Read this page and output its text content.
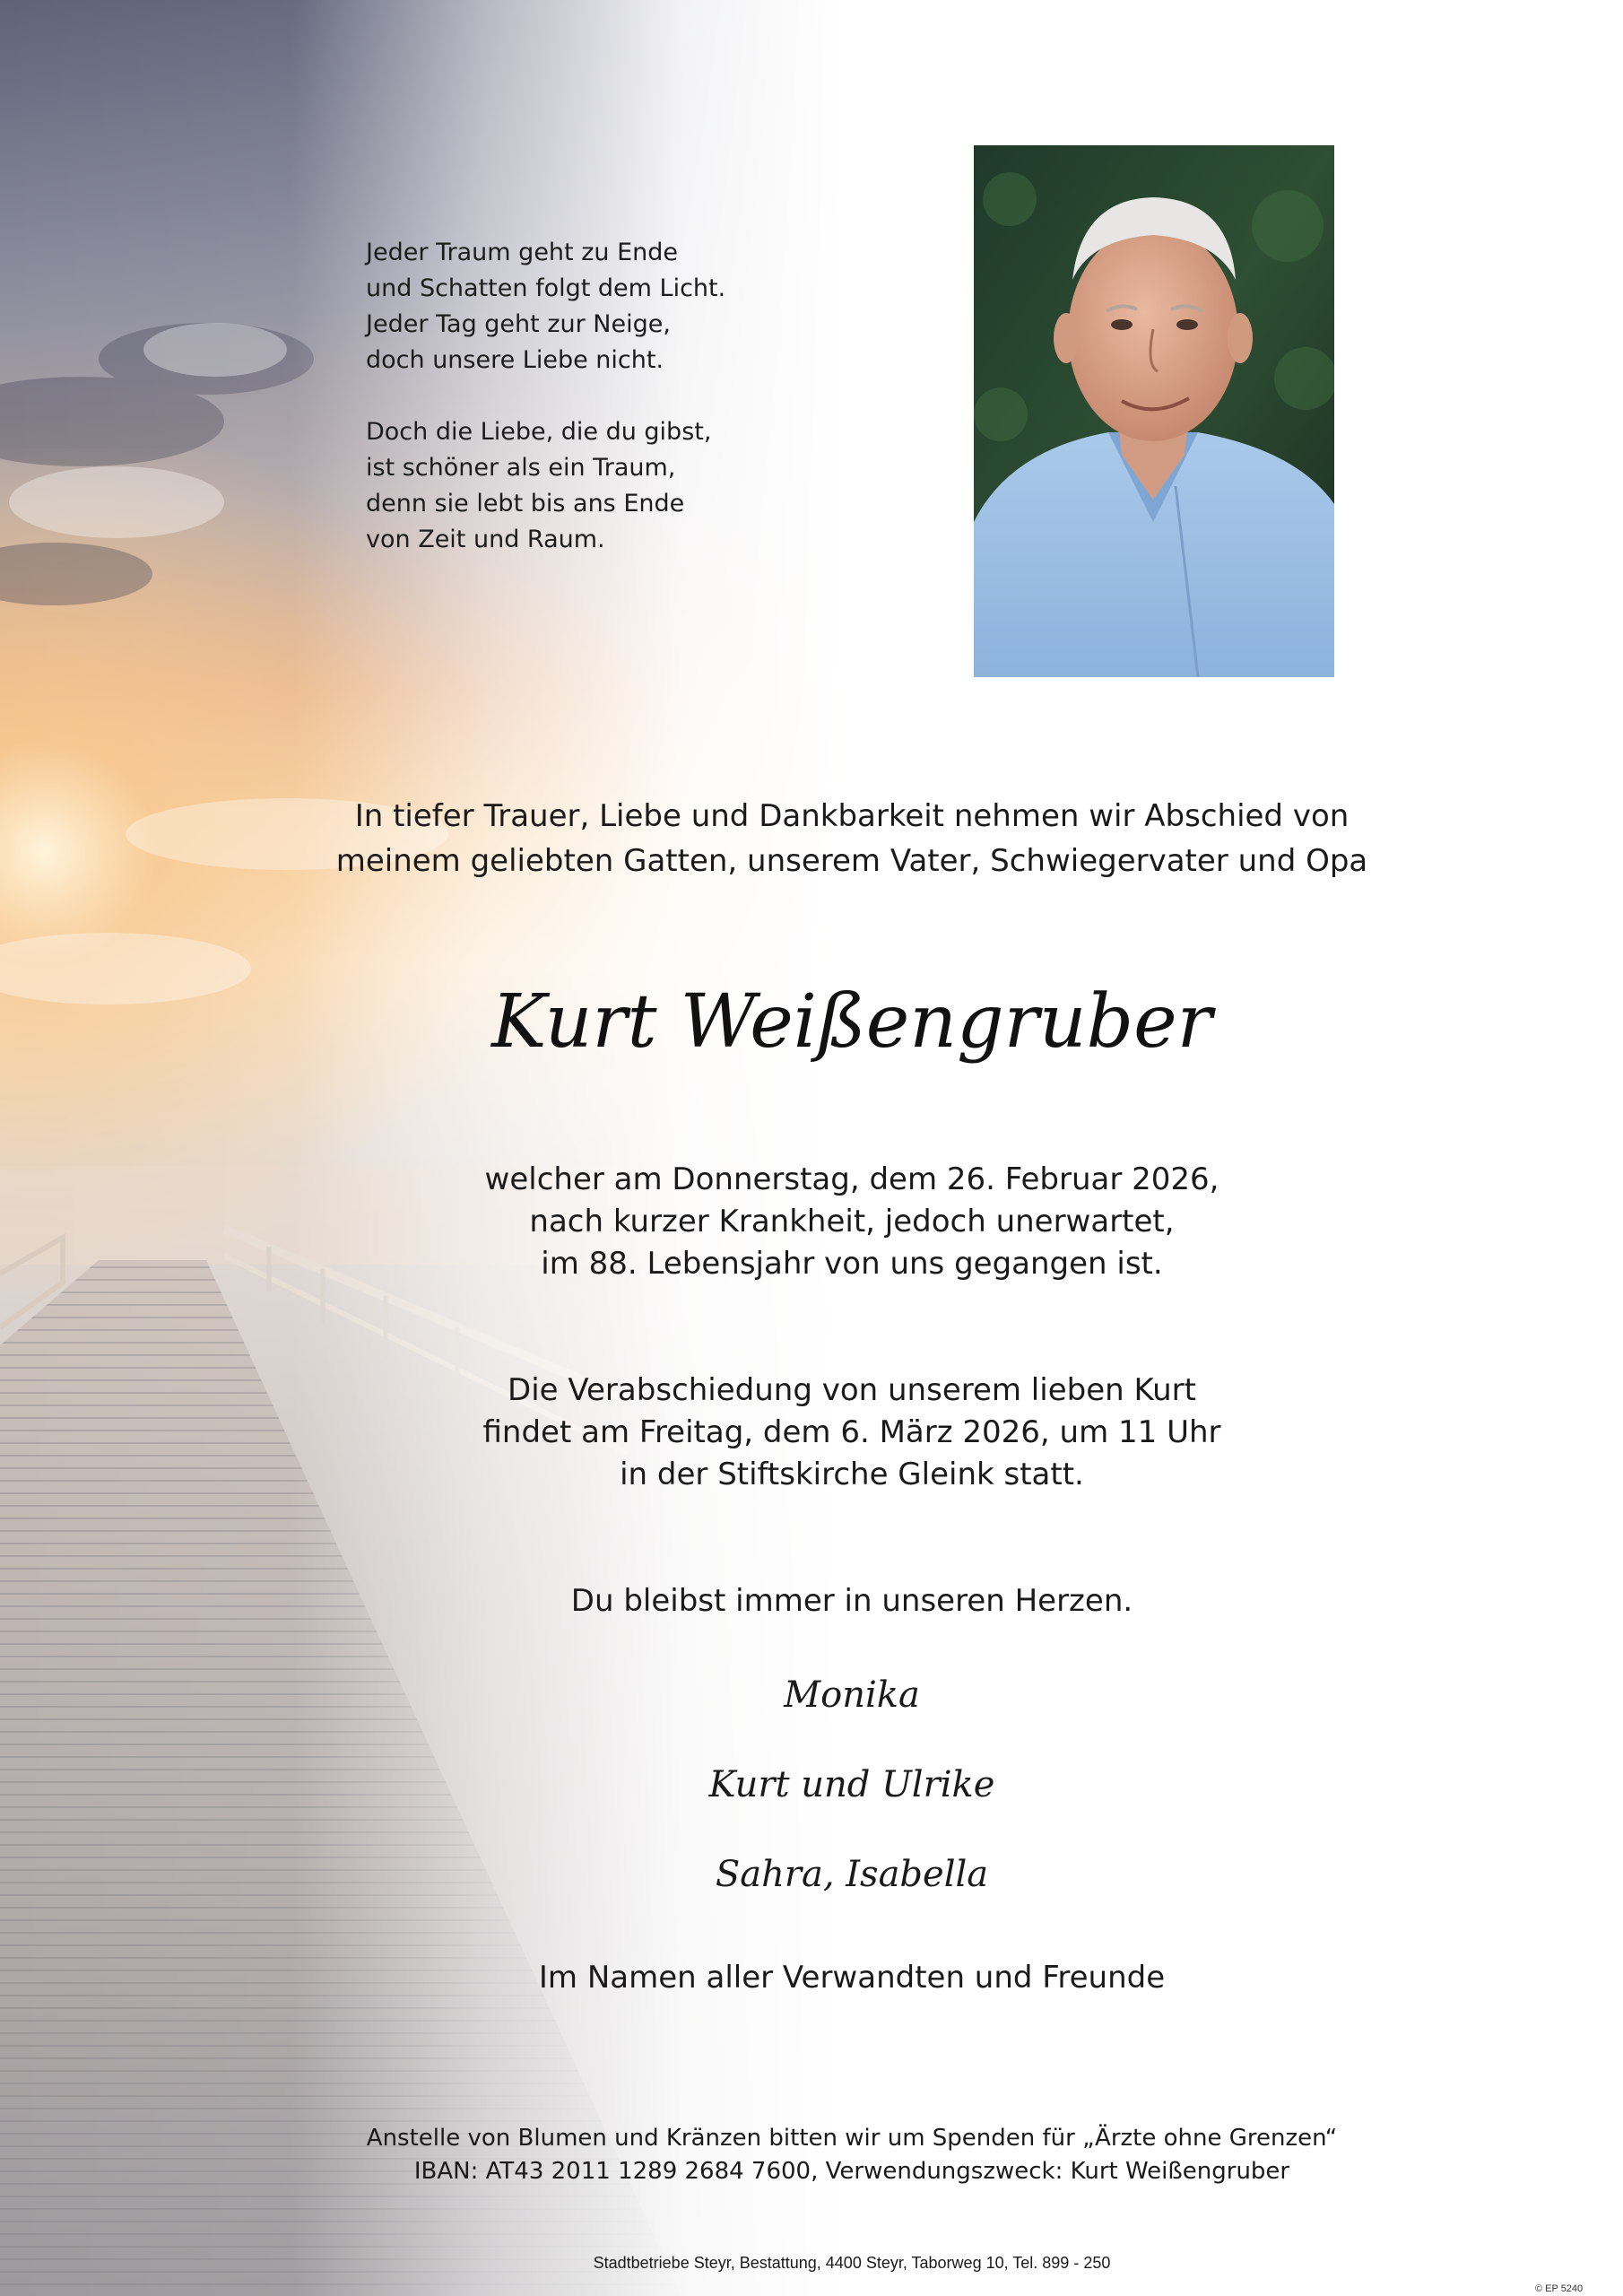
Jeder Traum geht zu Ende
und Schatten folgt dem Licht.
Jeder Tag geht zur Neige,
doch unsere Liebe nicht.
Doch die Liebe, die du gibst,
ist schöner als ein Traum,
denn sie lebt bis ans Ende
von Zeit und Raum.
In tiefer Trauer, Liebe und Dankbarkeit nehmen wir Abschied von
meinem geliebten Gatten, unserem Vater, Schwiegervater und Opa
Kurt Weißengruber
welcher am Donnerstag, dem 26. Februar 2026,
nach kurzer Krankheit, jedoch unerwartet,
im 88. Lebensjahr von uns gegangen ist.
Die Verabschiedung von unserem lieben Kurt
findet am Freitag, dem 6. März 2026, um 11 Uhr
in der Stiftskirche Gleink statt.
Du bleibst immer in unseren Herzen.
Monika
Kurt und Ulrike
Sahra, Isabella
Im Namen aller Verwandten und Freunde
Anstelle von Blumen und Kränzen bitten wir um Spenden für „Ärzte ohne Grenzen“
IBAN: AT43 2011 1289 2684 7600, Verwendungszweck: Kurt Weißengruber
Stadtbetriebe Steyr, Bestattung, 4400 Steyr, Taborweg 10, Tel. 899 - 250
© EP 5240
